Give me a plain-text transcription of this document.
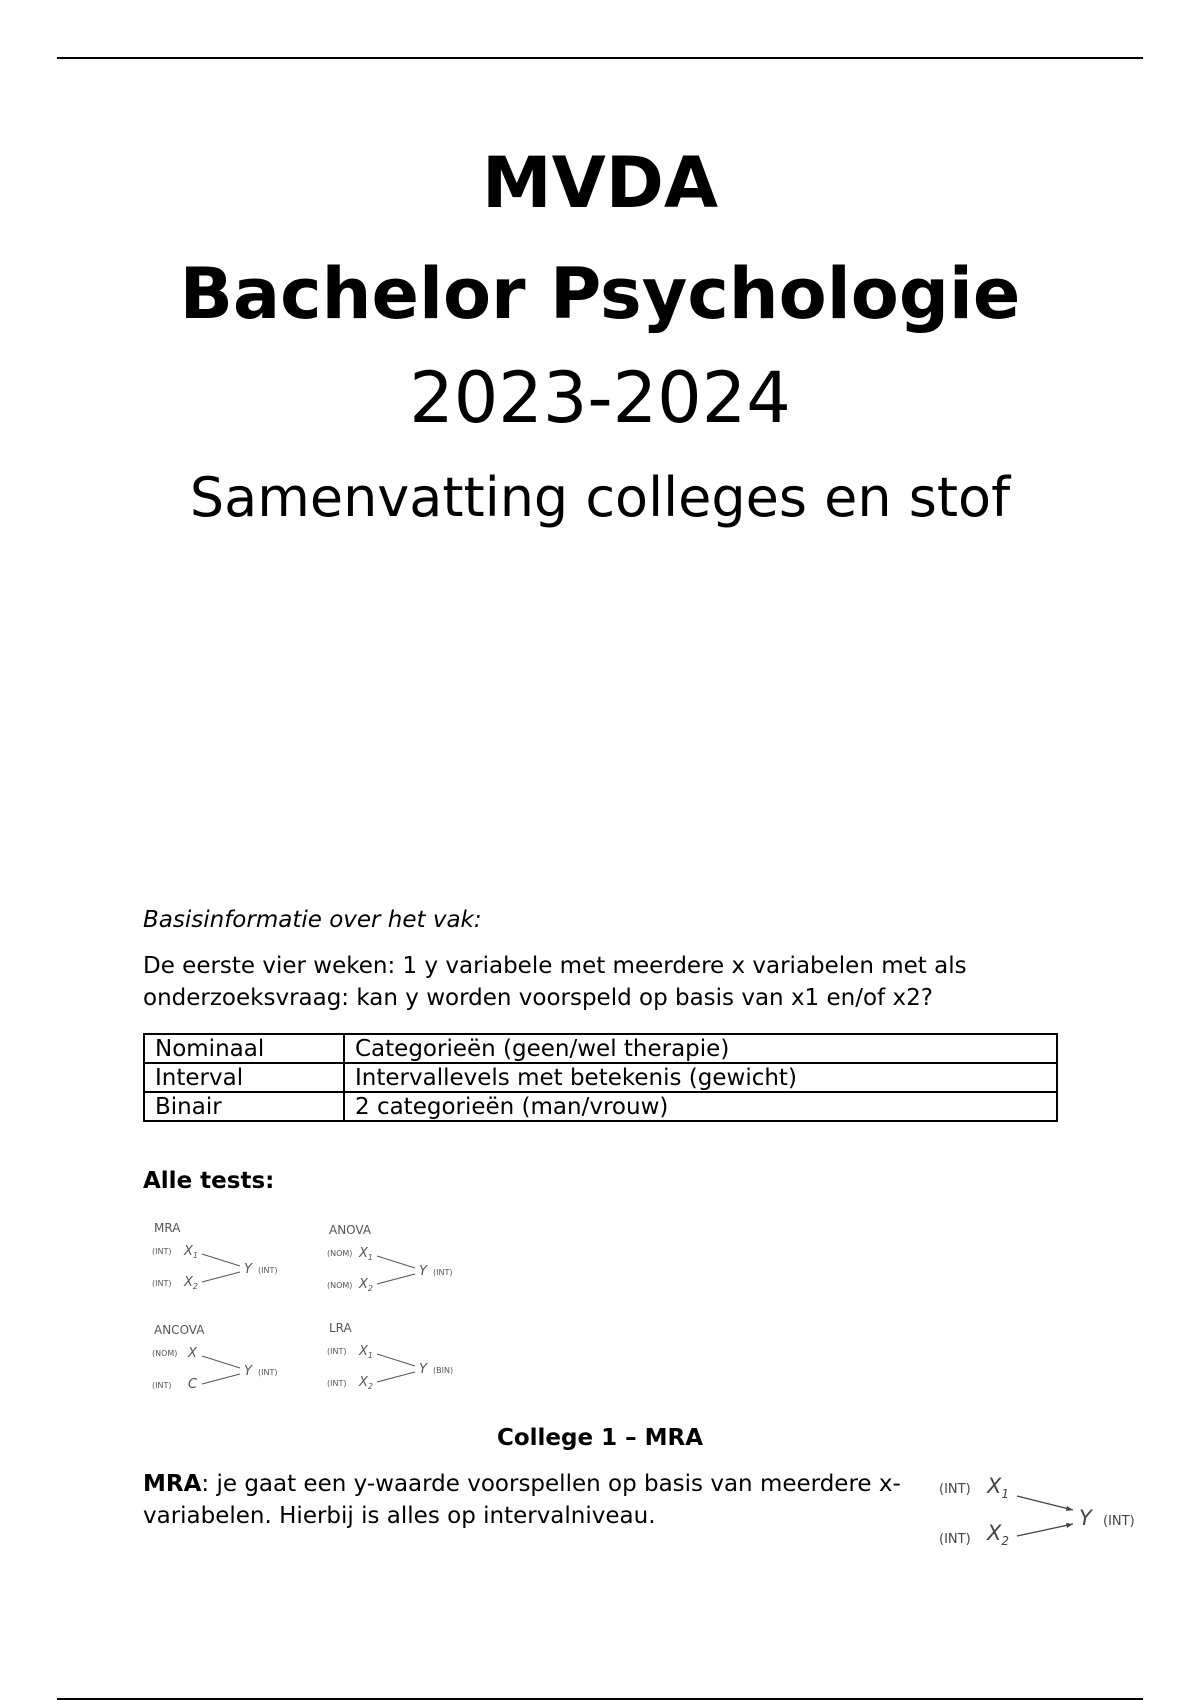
MVDA
Bachelor Psychologie
2023-2024
Samenvatting colleges en stof
Basisinformatie over het vak:
De eerste vier weken: 1 y variabele met meerdere x variabelen met als onderzoeksvraag: kan y worden voorspeld op basis van x1 en/of x2?
Nominaal	Categorieën (geen/wel therapie)
Interval	Intervallevels met betekenis (gewicht)
Binair	2 categorieën (man/vrouw)
Alle tests:
MRA
(INT) $X_1$
(INT) $X_2$
Y (INT)
ANOVA
(NOM) $X_1$
(NOM) $X_2$
Y (INT)
ANCOVA
(NOM) X
(INT) C
Y (INT)
LRA
(INT) $X_1$
(INT) $X_2$
Y (BIN)
College 1 – MRA
MRA: je gaat een y-waarde voorspellen op basis van meerdere x-variabelen. Hierbij is alles op intervalniveau.
(INT) $X_1$
(INT) $X_2$
Y (INT)
